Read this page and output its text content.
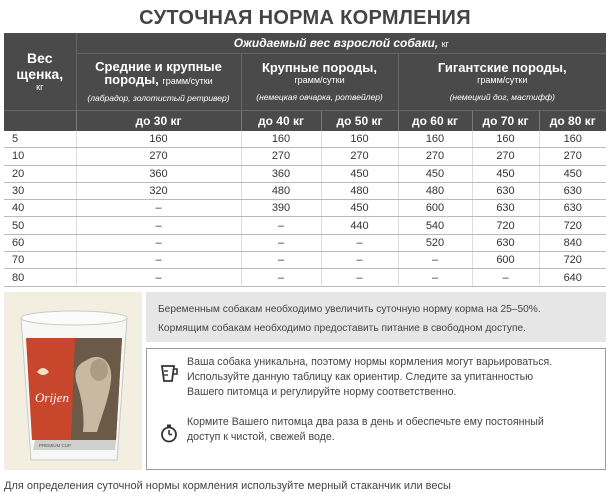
СУТОЧНАЯ НОРМА КОРМЛЕНИЯ
Вес
щенка,
кг	Ожидаемый вес взрослой собаки, кг					

	Средние и крупные
породы, грамм/сутки
(лабрадор, золотистый ретривер)	Крупные породы,
грамм/сутки
(немецкая овчарка, ротвейлер)		Гигантские породы,
грамм/сутки
(немецкий дог, мастифф)		

	до 30 кг	до 40 кг	до 50 кг	до 60 кг	до 70 кг	до 80 кг
5	160	160	160	160	160	160
10	270	270	270	270	270	270
20	360	360	450	450	450	450
30	320	480	480	480	630	630
40	–	390	450	600	630	630
50	–	–	440	540	720	720
60	–	–	–	520	630	840
70	–	–	–	–	600	720
80	–	–	–	–	–	640
Orijen
PREMIUM CUP

Беременным собакам необходимо увеличить суточную норму корма на 25–50%.

Кормящим собакам необходимо предоставить питание в свободном доступе.

Ваша собака уникальна, поэтому нормы кормления могут варьироваться.
Используйте данную таблицу как ориентир. Следите за упитанностью
Вашего питомца и регулируйте норму соответственно.
Кормите Вашего питомца два раза в день и обеспечьте ему постоянный
доступ к чистой, свежей воде.
Для определения суточной нормы кормления используйте мерный стаканчик или весы
